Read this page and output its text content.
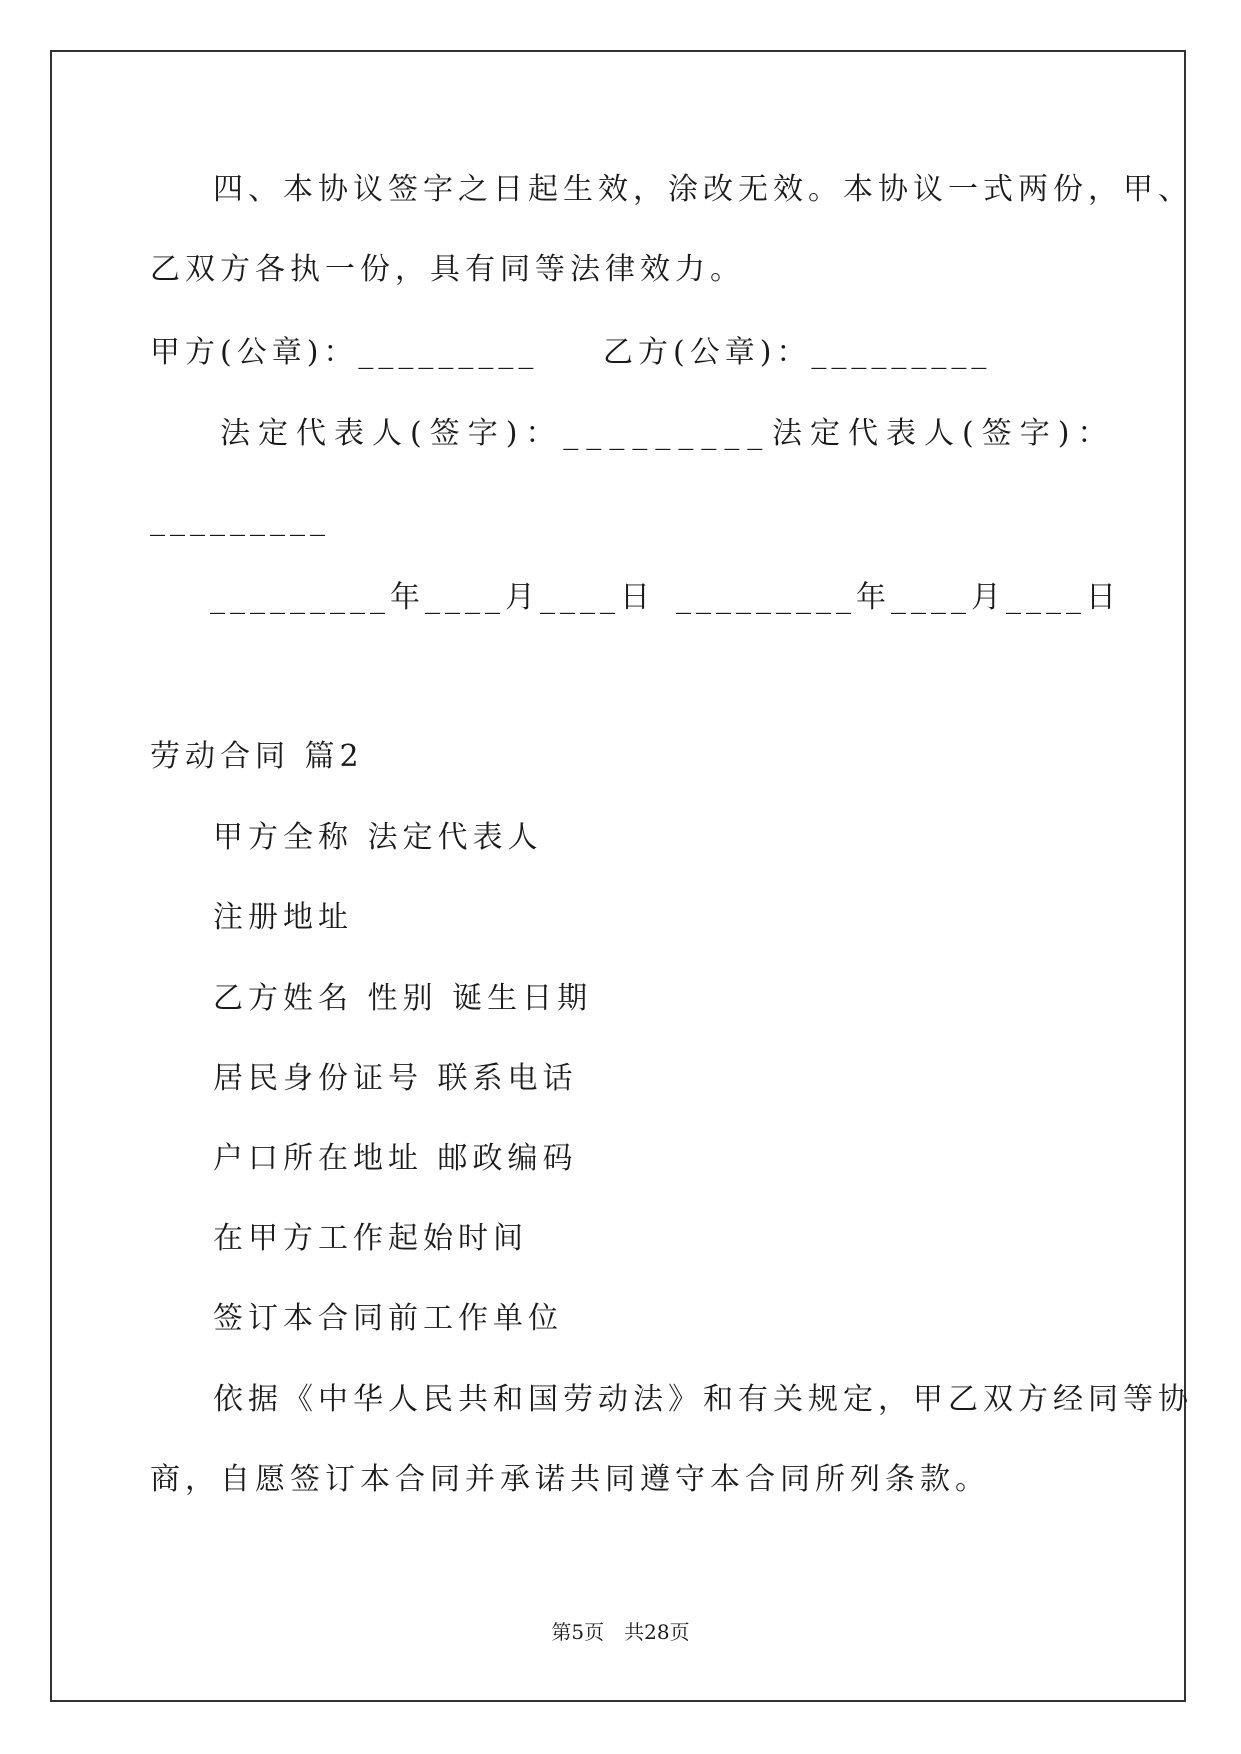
四、本协议签字之日起生效，涂改无效。本协议一式两份，甲、
乙双方各执一份，具有同等法律效力。
甲方(公章)：_________ 乙方(公章)：_________
法定代表人(签字)：_________ 法定代表人(签字)：
_________
_________年____月____日 _________年____月____日
劳动合同 篇2
甲方全称 法定代表人
注册地址
乙方姓名 性别 诞生日期
居民身份证号 联系电话
户口所在地址 邮政编码
在甲方工作起始时间
签订本合同前工作单位
依据《中华人民共和国劳动法》和有关规定，甲乙双方经同等协
商，自愿签订本合同并承诺共同遵守本合同所列条款。
第5页　共28页
